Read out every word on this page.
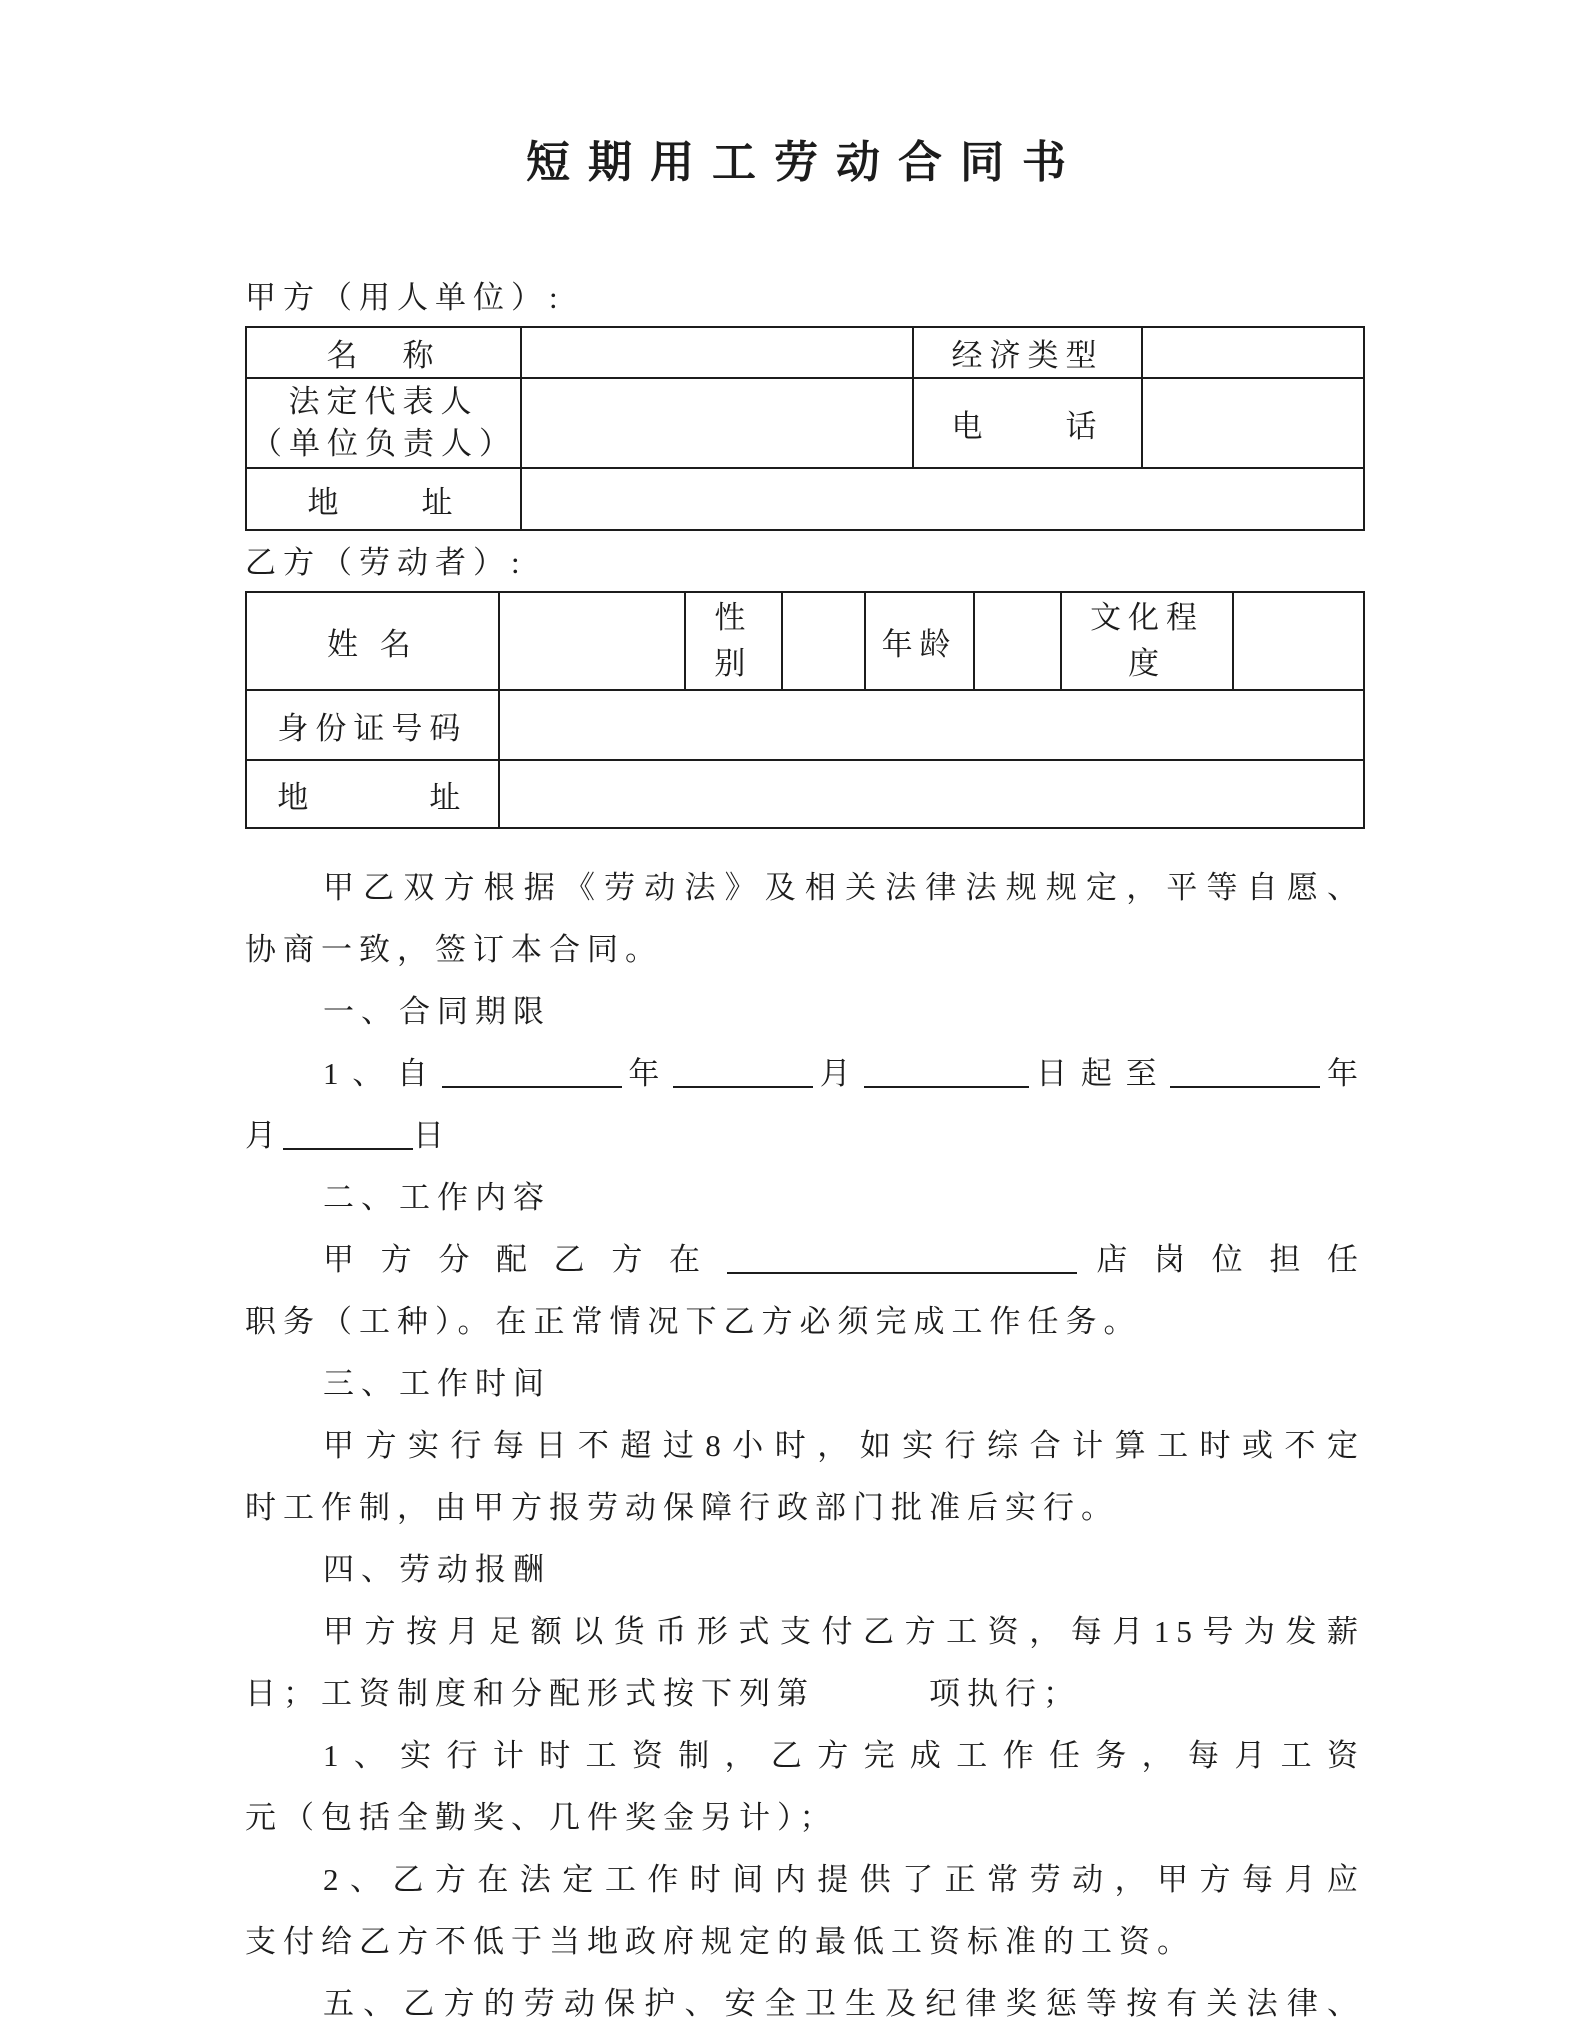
短期用工劳动合同书
甲方（用人单位）:
名　称		经济类型	

法定代表人
（单位负责人）		电　　话	
地　　址			
乙方（劳动者）:
姓 名		性别		年龄		文化程度	
身份证号码							
地　　　址							
甲乙双方根据《劳动法》及相关法律法规规定，平等自愿、
协商一致，签订本合同。
一、合同期限
1、自	年	月	日起至	年
月	日
二、工作内容
甲方分配乙方在	店岗位担任
职务（工种）。在正常情况下乙方必须完成工作任务。
三、工作时间
甲方实行每日不超过8小时，如实行综合计算工时或不定
时工作制，由甲方报劳动保障行政部门批准后实行。
四、劳动报酬
甲方按月足额以货币形式支付乙方工资，每月15号为发薪
日；工资制度和分配形式按下列第　　　项执行；
1、实行计时工资制，乙方完成工作任务，每月工资
元（包括全勤奖、几件奖金另计）；
2、乙方在法定工作时间内提供了正常劳动，甲方每月应
支付给乙方不低于当地政府规定的最低工资标准的工资。
五、乙方的劳动保护、安全卫生及纪律奖惩等按有关法律、
